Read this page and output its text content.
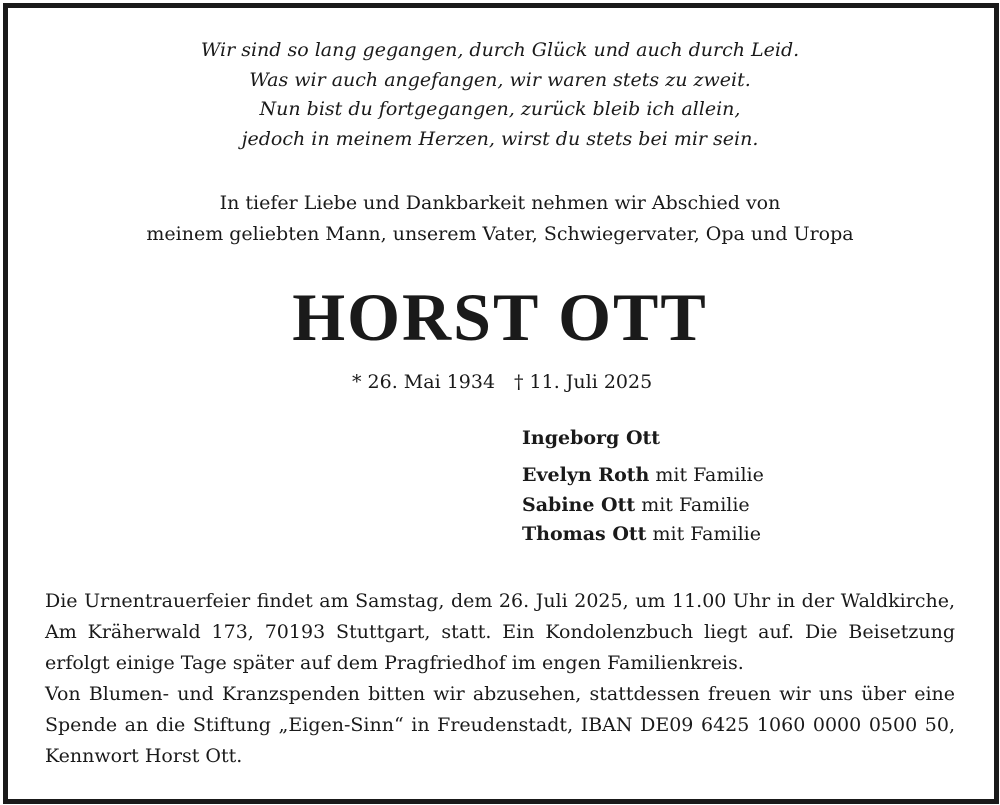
Wir sind so lang gegangen, durch Glück und auch durch Leid.
Was wir auch angefangen, wir waren stets zu zweit.
Nun bist du fortgegangen, zurück bleib ich allein,
jedoch in meinem Herzen, wirst du stets bei mir sein.
In tiefer Liebe und Dankbarkeit nehmen wir Abschied von
meinem geliebten Mann, unserem Vater, Schwiegervater, Opa und Uropa
HORST OTT
* 26. Mai 1934 † 11. Juli 2025
Ingeborg Ott
Evelyn Roth mit Familie
Sabine Ott mit Familie
Thomas Ott mit Familie
Die Urnentrauerfeier findet am Samstag, dem 26. Juli 2025, um 11.00 Uhr in der Waldkirche, Am Kräherwald 173, 70193 Stuttgart, statt. Ein Kondolenzbuch liegt auf. Die Beisetzung erfolgt einige Tage später auf dem Pragfriedhof im engen Familienkreis.
Von Blumen- und Kranzspenden bitten wir abzusehen, stattdessen freuen wir uns über eine Spende an die Stiftung „Eigen-Sinn“ in Freudenstadt, IBAN DE09 6425 1060 0000 0500 50, Kennwort Horst Ott.
